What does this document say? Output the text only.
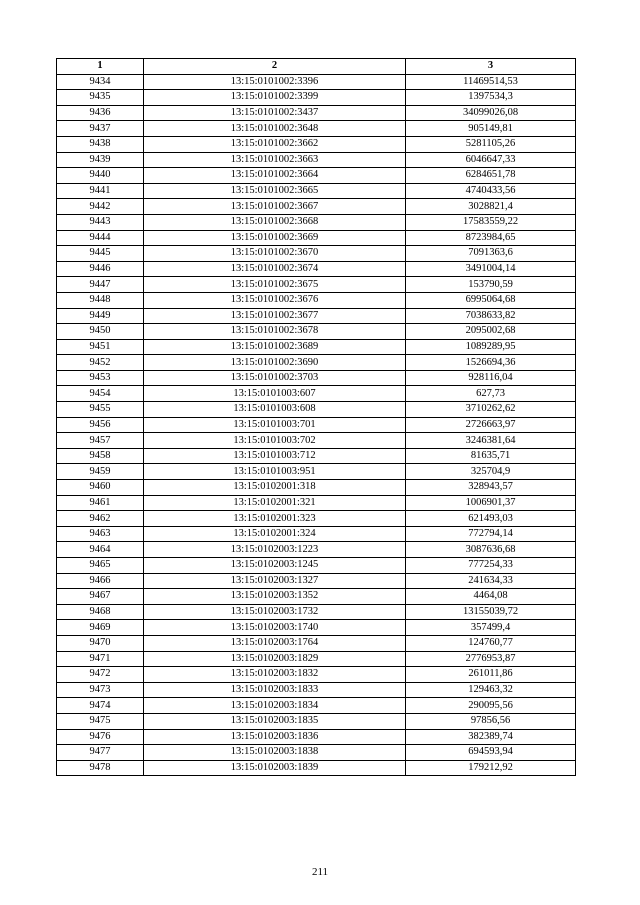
1	2	3
9434	13:15:0101002:3396	11469514,53
9435	13:15:0101002:3399	1397534,3
9436	13:15:0101002:3437	34099026,08
9437	13:15:0101002:3648	905149,81
9438	13:15:0101002:3662	5281105,26
9439	13:15:0101002:3663	6046647,33
9440	13:15:0101002:3664	6284651,78
9441	13:15:0101002:3665	4740433,56
9442	13:15:0101002:3667	3028821,4
9443	13:15:0101002:3668	17583559,22
9444	13:15:0101002:3669	8723984,65
9445	13:15:0101002:3670	7091363,6
9446	13:15:0101002:3674	3491004,14
9447	13:15:0101002:3675	153790,59
9448	13:15:0101002:3676	6995064,68
9449	13:15:0101002:3677	7038633,82
9450	13:15:0101002:3678	2095002,68
9451	13:15:0101002:3689	1089289,95
9452	13:15:0101002:3690	1526694,36
9453	13:15:0101002:3703	928116,04
9454	13:15:0101003:607	627,73
9455	13:15:0101003:608	3710262,62
9456	13:15:0101003:701	2726663,97
9457	13:15:0101003:702	3246381,64
9458	13:15:0101003:712	81635,71
9459	13:15:0101003:951	325704,9
9460	13:15:0102001:318	328943,57
9461	13:15:0102001:321	1006901,37
9462	13:15:0102001:323	621493,03
9463	13:15:0102001:324	772794,14
9464	13:15:0102003:1223	3087636,68
9465	13:15:0102003:1245	777254,33
9466	13:15:0102003:1327	241634,33
9467	13:15:0102003:1352	4464,08
9468	13:15:0102003:1732	13155039,72
9469	13:15:0102003:1740	357499,4
9470	13:15:0102003:1764	124760,77
9471	13:15:0102003:1829	2776953,87
9472	13:15:0102003:1832	261011,86
9473	13:15:0102003:1833	129463,32
9474	13:15:0102003:1834	290095,56
9475	13:15:0102003:1835	97856,56
9476	13:15:0102003:1836	382389,74
9477	13:15:0102003:1838	694593,94
9478	13:15:0102003:1839	179212,92
211
